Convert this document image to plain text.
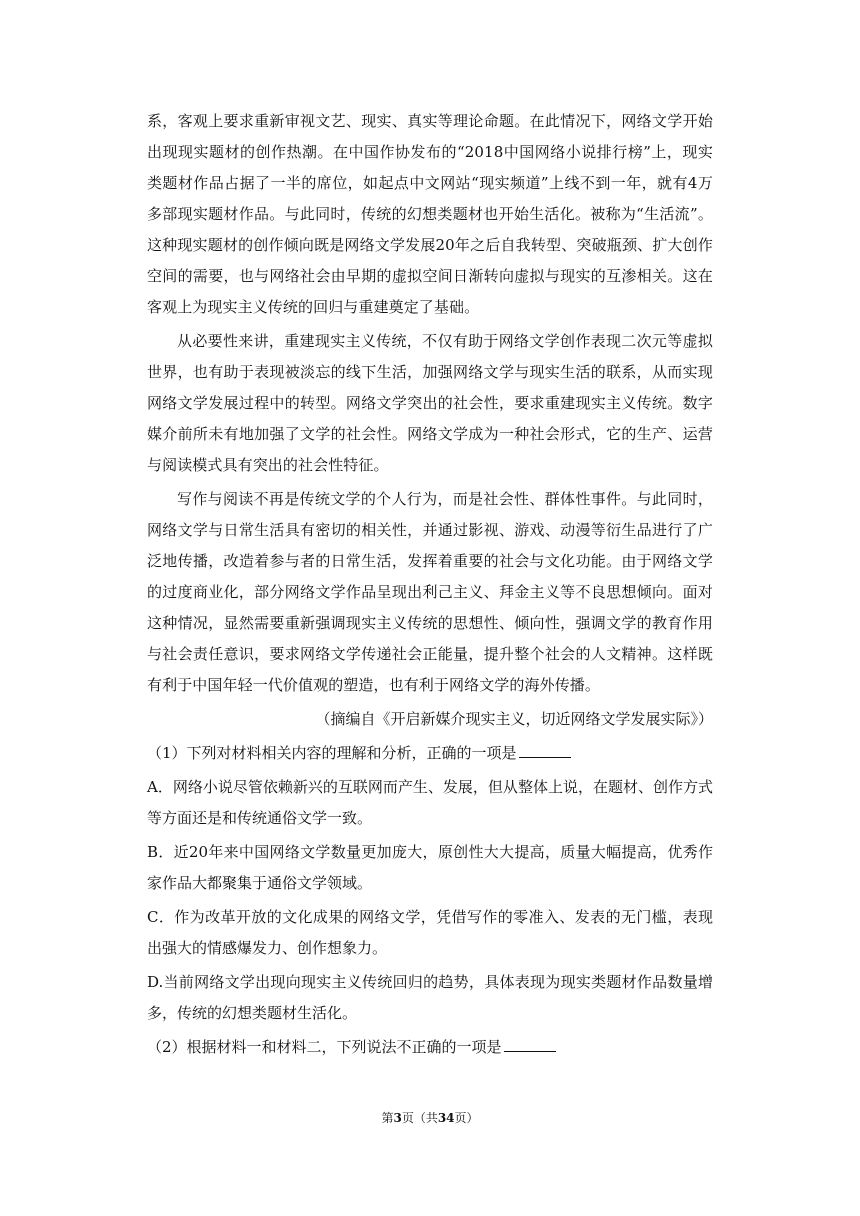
系，客观上要求重新审视文艺、现实、真实等理论命题。在此情况下，网络文学开始出现现实题材的创作热潮。在中国作协发布的“2018中国网络小说排行榜”上，现实类题材作品占据了一半的席位，如起点中文网站“现实频道”上线不到一年，就有4万多部现实题材作品。与此同时，传统的幻想类题材也开始生活化。被称为“生活流”。这种现实题材的创作倾向既是网络文学发展20年之后自我转型、突破瓶颈、扩大创作空间的需要，也与网络社会由早期的虚拟空间日渐转向虚拟与现实的互渗相关。这在客观上为现实主义传统的回归与重建奠定了基础。

从必要性来讲，重建现实主义传统，不仅有助于网络文学创作表现二次元等虚拟世界，也有助于表现被淡忘的线下生活，加强网络文学与现实生活的联系，从而实现网络文学发展过程中的转型。网络文学突出的社会性，要求重建现实主义传统。数字媒介前所未有地加强了文学的社会性。网络文学成为一种社会形式，它的生产、运营与阅读模式具有突出的社会性特征。

写作与阅读不再是传统文学的个人行为，而是社会性、群体性事件。与此同时，网络文学与日常生活具有密切的相关性，并通过影视、游戏、动漫等衍生品进行了广泛地传播，改造着参与者的日常生活，发挥着重要的社会与文化功能。由于网络文学的过度商业化，部分网络文学作品呈现出利己主义、拜金主义等不良思想倾向。面对这种情况，显然需要重新强调现实主义传统的思想性、倾向性，强调文学的教育作用与社会责任意识，要求网络文学传递社会正能量，提升整个社会的人文精神。这样既有利于中国年轻一代价值观的塑造，也有利于网络文学的海外传播。

（摘编自《开启新媒介现实主义，切近网络文学发展实际》）

（1）下列对材料相关内容的理解和分析，正确的一项是

A．网络小说尽管依赖新兴的互联网而产生、发展，但从整体上说，在题材、创作方式等方面还是和传统通俗文学一致。

B．近20年来中国网络文学数量更加庞大，原创性大大提高，质量大幅提高，优秀作家作品大都聚集于通俗文学领域。

C．作为改革开放的文化成果的网络文学，凭借写作的零准入、发表的无门槛，表现出强大的情感爆发力、创作想象力。

D.当前网络文学出现向现实主义传统回归的趋势，具体表现为现实类题材作品数量增多，传统的幻想类题材生活化。

（2）根据材料一和材料二，下列说法不正确的一项是

第3页（共34页）
